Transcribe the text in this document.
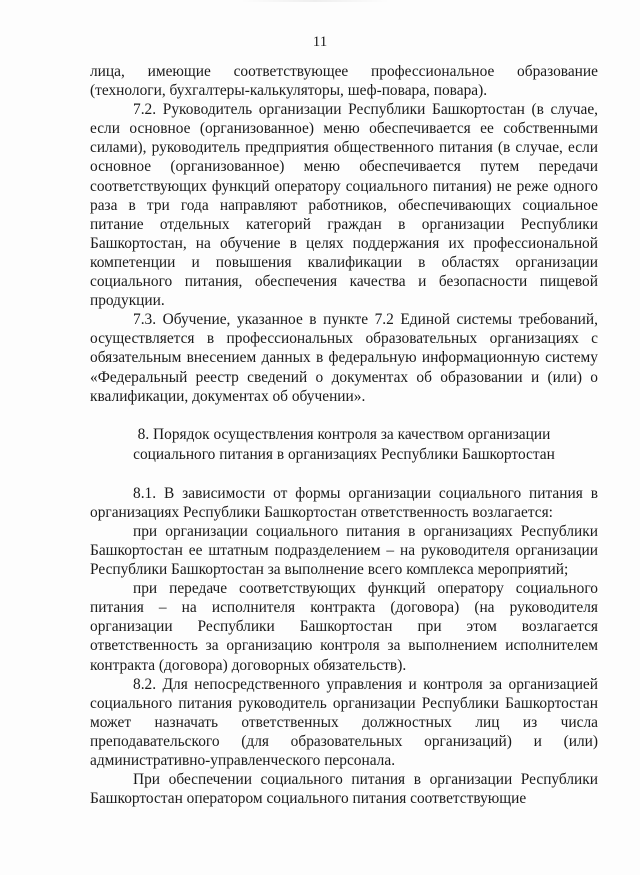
11

лица, имеющие соответствующее профессиональное образование (технологи, бухгалтеры-калькуляторы, шеф-повара, повара).

7.2. Руководитель организации Республики Башкортостан (в случае, если основное (организованное) меню обеспечивается ее собственными силами), руководитель предприятия общественного питания (в случае, если основное (организованное) меню обеспечивается путем передачи соответствующих функций оператору социального питания) не реже одного раза в три года направляют работников, обеспечивающих социальное питание отдельных категорий граждан в организации Республики Башкортостан, на обучение в целях поддержания их профессиональной компетенции и повышения квалификации в областях организации социального питания, обеспечения качества и безопасности пищевой продукции.

7.3. Обучение, указанное в пункте 7.2 Единой системы требований, осуществляется в профессиональных образовательных организациях с обязательным внесением данных в федеральную информационную систему «Федеральный реестр сведений о документах об образовании и (или) о квалификации, документах об обучении».

8. Порядок осуществления контроля за качеством организации
социального питания в организациях Республики Башкортостан

8.1. В зависимости от формы организации социального питания в организациях Республики Башкортостан ответственность возлагается:

при организации социального питания в организациях Республики Башкортостан ее штатным подразделением – на руководителя организации Республики Башкортостан за выполнение всего комплекса мероприятий;

при передаче соответствующих функций оператору социального питания – на исполнителя контракта (договора) (на руководителя организации Республики Башкортостан при этом возлагается ответственность за организацию контроля за выполнением исполнителем контракта (договора) договорных обязательств).

8.2. Для непосредственного управления и контроля за организацией социального питания руководитель организации Республики Башкортостан может назначать ответственных должностных лиц из числа преподавательского (для образовательных организаций) и (или) административно-управленческого персонала.

При обеспечении социального питания в организации Республики Башкортостан оператором социального питания соответствующие
